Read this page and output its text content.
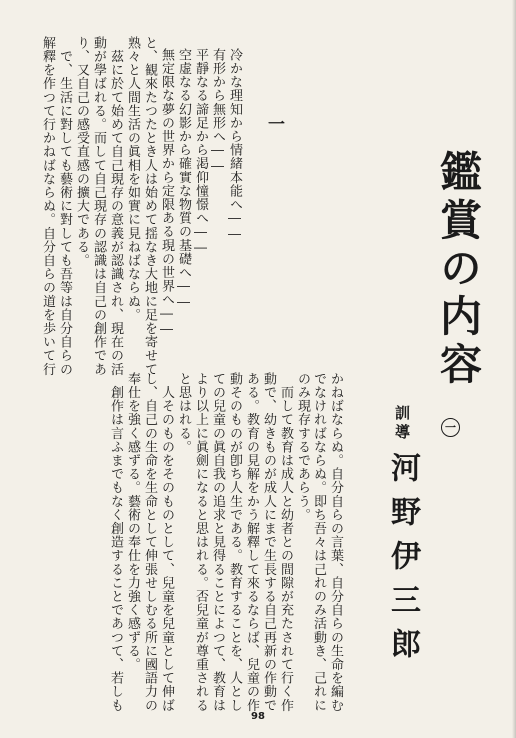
かねばならぬ。自分自らの言葉、自分自らの生命を編む
でなければならぬ。即ち吾々は己れのみ活動き、己れに
のみ現存するであらう。
　而して教育は成人と幼者との間隙が充たされて行く作
動で、幼きものが成人にまで生長する自己再新の作動で
ある。教育の見解をかう解釋して來るならば、兒童の作
動そのものが卽ち人生である。教育することを、人とし
ての兒童の眞自我の追求と見得ることによつて、教育は
より以上に眞劍になると思はれる。否兒童が尊重される
と思はれる。
　人そのものをそのものとして、兒童を兒童として伸ば
し、自己の生命を生命として伸張せしむる所に國語力の
奉仕を強く感ずる。藝術の奉仕を力強く感ずる。
　創作は言ふまでもなく創造することであつて、若しも
鑑賞の内容
一
訓導
河野伊三郎
一
冷かな理知から情緒本能へ――
有形から無形へ――
平靜なる諦足から渇仰憧憬へ――
空虚なる幻影から確實な物質の基礎へ――
無定限な夢の世界から定限ある現の世界へ――
と、観來たつたとき人は始めて揺なき大地に足を寄せて
熟々と人間生活の眞相を如實に見ねばならぬ。
　茲に於て始めて自己現存の意義が認識され、現在の活
動が學ばれる。而して自己現存の認識は自己の創作であ
り、又自己の感受直感の擴大である。
　で、生活に對しても藝術に對しても吾等は自分自らの
解釋を作つて行かねばならぬ。自分自らの道を歩いて行
98
